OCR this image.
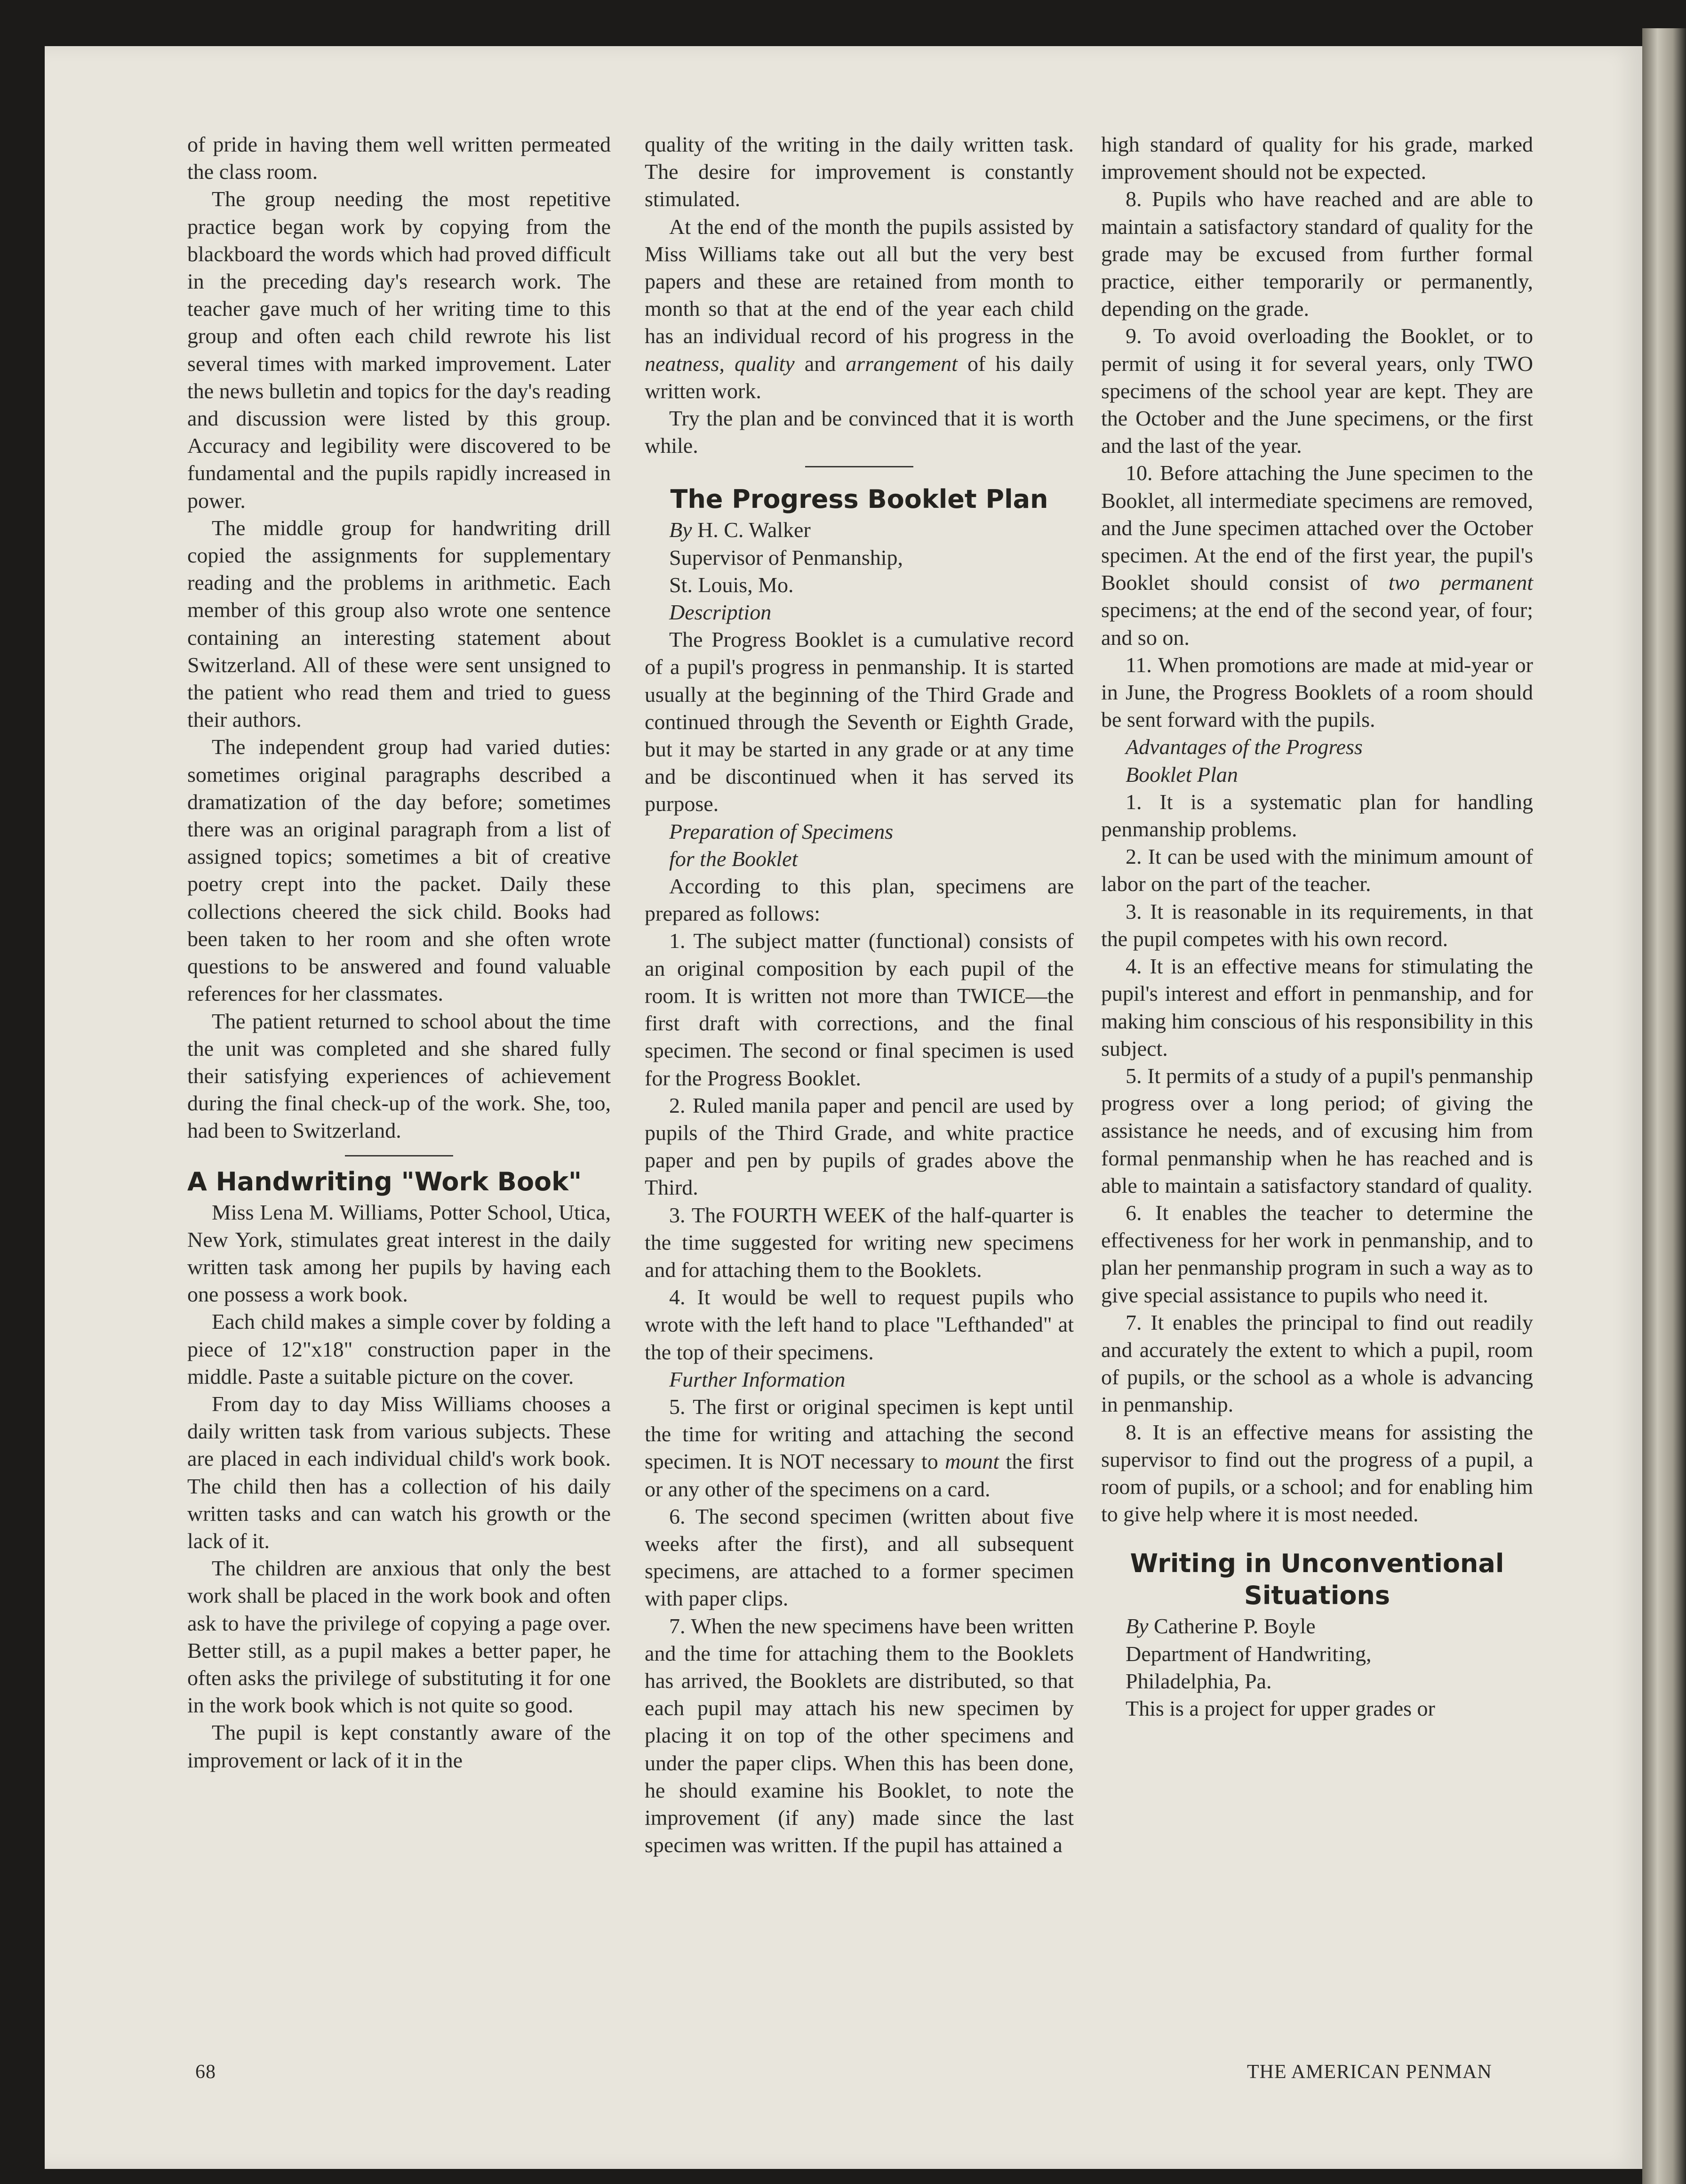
of pride in having them well written permeated the class room.

The group needing the most repetitive practice began work by copying from the blackboard the words which had proved difficult in the preceding day's research work. The teacher gave much of her writing time to this group and often each child rewrote his list several times with marked improvement. Later the news bulletin and topics for the day's reading and discussion were listed by this group. Accuracy and legibility were discovered to be fundamental and the pupils rapidly increased in power.

The middle group for handwriting drill copied the assignments for supplementary reading and the problems in arithmetic. Each member of this group also wrote one sentence containing an interesting statement about Switzerland. All of these were sent unsigned to the patient who read them and tried to guess their authors.

The independent group had varied duties: sometimes original paragraphs described a dramatization of the day before; sometimes there was an original paragraph from a list of assigned topics; sometimes a bit of creative poetry crept into the packet. Daily these collections cheered the sick child. Books had been taken to her room and she often wrote questions to be answered and found valuable references for her classmates.

The patient returned to school about the time the unit was completed and she shared fully their satisfying experiences of achievement during the final check-up of the work. She, too, had been to Switzerland.

A Handwriting "Work Book"

Miss Lena M. Williams, Potter School, Utica, New York, stimulates great interest in the daily written task among her pupils by having each one possess a work book.

Each child makes a simple cover by folding a piece of 12"x18" construction paper in the middle. Paste a suitable picture on the cover.

From day to day Miss Williams chooses a daily written task from various subjects. These are placed in each individual child's work book. The child then has a collection of his daily written tasks and can watch his growth or the lack of it.

The children are anxious that only the best work shall be placed in the work book and often ask to have the privilege of copying a page over. Better still, as a pupil makes a better paper, he often asks the privilege of substituting it for one in the work book which is not quite so good.

The pupil is kept constantly aware of the improvement or lack of it in the

quality of the writing in the daily written task. The desire for improvement is constantly stimulated.

At the end of the month the pupils assisted by Miss Williams take out all but the very best papers and these are retained from month to month so that at the end of the year each child has an individual record of his progress in the neatness, quality and arrangement of his daily written work.

Try the plan and be convinced that it is worth while.

The Progress Booklet Plan

By H. C. Walker

Supervisor of Penmanship,

St. Louis, Mo.

Description

The Progress Booklet is a cumulative record of a pupil's progress in penmanship. It is started usually at the beginning of the Third Grade and continued through the Seventh or Eighth Grade, but it may be started in any grade or at any time and be discontinued when it has served its purpose.

Preparation of Specimens

for the Booklet

According to this plan, specimens are prepared as follows:

1. The subject matter (functional) consists of an original composition by each pupil of the room. It is written not more than TWICE—the first draft with corrections, and the final specimen. The second or final specimen is used for the Progress Booklet.

2. Ruled manila paper and pencil are used by pupils of the Third Grade, and white practice paper and pen by pupils of grades above the Third.

3. The FOURTH WEEK of the half-quarter is the time suggested for writing new specimens and for attaching them to the Booklets.

4. It would be well to request pupils who wrote with the left hand to place "Lefthanded" at the top of their specimens.

Further Information

5. The first or original specimen is kept until the time for writing and attaching the second specimen. It is NOT necessary to mount the first or any other of the specimens on a card.

6. The second specimen (written about five weeks after the first), and all subsequent specimens, are attached to a former specimen with paper clips.

7. When the new specimens have been written and the time for attaching them to the Booklets has arrived, the Booklets are distributed, so that each pupil may attach his new specimen by placing it on top of the other specimens and under the paper clips. When this has been done, he should examine his Booklet, to note the improvement (if any) made since the last specimen was written. If the pupil has attained a

high standard of quality for his grade, marked improvement should not be expected.

8. Pupils who have reached and are able to maintain a satisfactory standard of quality for the grade may be excused from further formal practice, either temporarily or permanently, depending on the grade.

9. To avoid overloading the Booklet, or to permit of using it for several years, only TWO specimens of the school year are kept. They are the October and the June specimens, or the first and the last of the year.

10. Before attaching the June specimen to the Booklet, all intermediate specimens are removed, and the June specimen attached over the October specimen. At the end of the first year, the pupil's Booklet should consist of two permanent specimens; at the end of the second year, of four; and so on.

11. When promotions are made at mid-year or in June, the Progress Booklets of a room should be sent forward with the pupils.

Advantages of the Progress

Booklet Plan

1. It is a systematic plan for handling penmanship problems.

2. It can be used with the minimum amount of labor on the part of the teacher.

3. It is reasonable in its requirements, in that the pupil competes with his own record.

4. It is an effective means for stimulating the pupil's interest and effort in penmanship, and for making him conscious of his responsibility in this subject.

5. It permits of a study of a pupil's penmanship progress over a long period; of giving the assistance he needs, and of excusing him from formal penmanship when he has reached and is able to maintain a satisfactory standard of quality.

6. It enables the teacher to determine the effectiveness for her work in penmanship, and to plan her penmanship program in such a way as to give special assistance to pupils who need it.

7. It enables the principal to find out readily and accurately the extent to which a pupil, room of pupils, or the school as a whole is advancing in penmanship.

8. It is an effective means for assisting the supervisor to find out the progress of a pupil, a room of pupils, or a school; and for enabling him to give help where it is most needed.

Writing in Unconventional
Situations

By Catherine P. Boyle

Department of Handwriting,

Philadelphia, Pa.

This is a project for upper grades or

68	THE AMERICAN PENMAN
